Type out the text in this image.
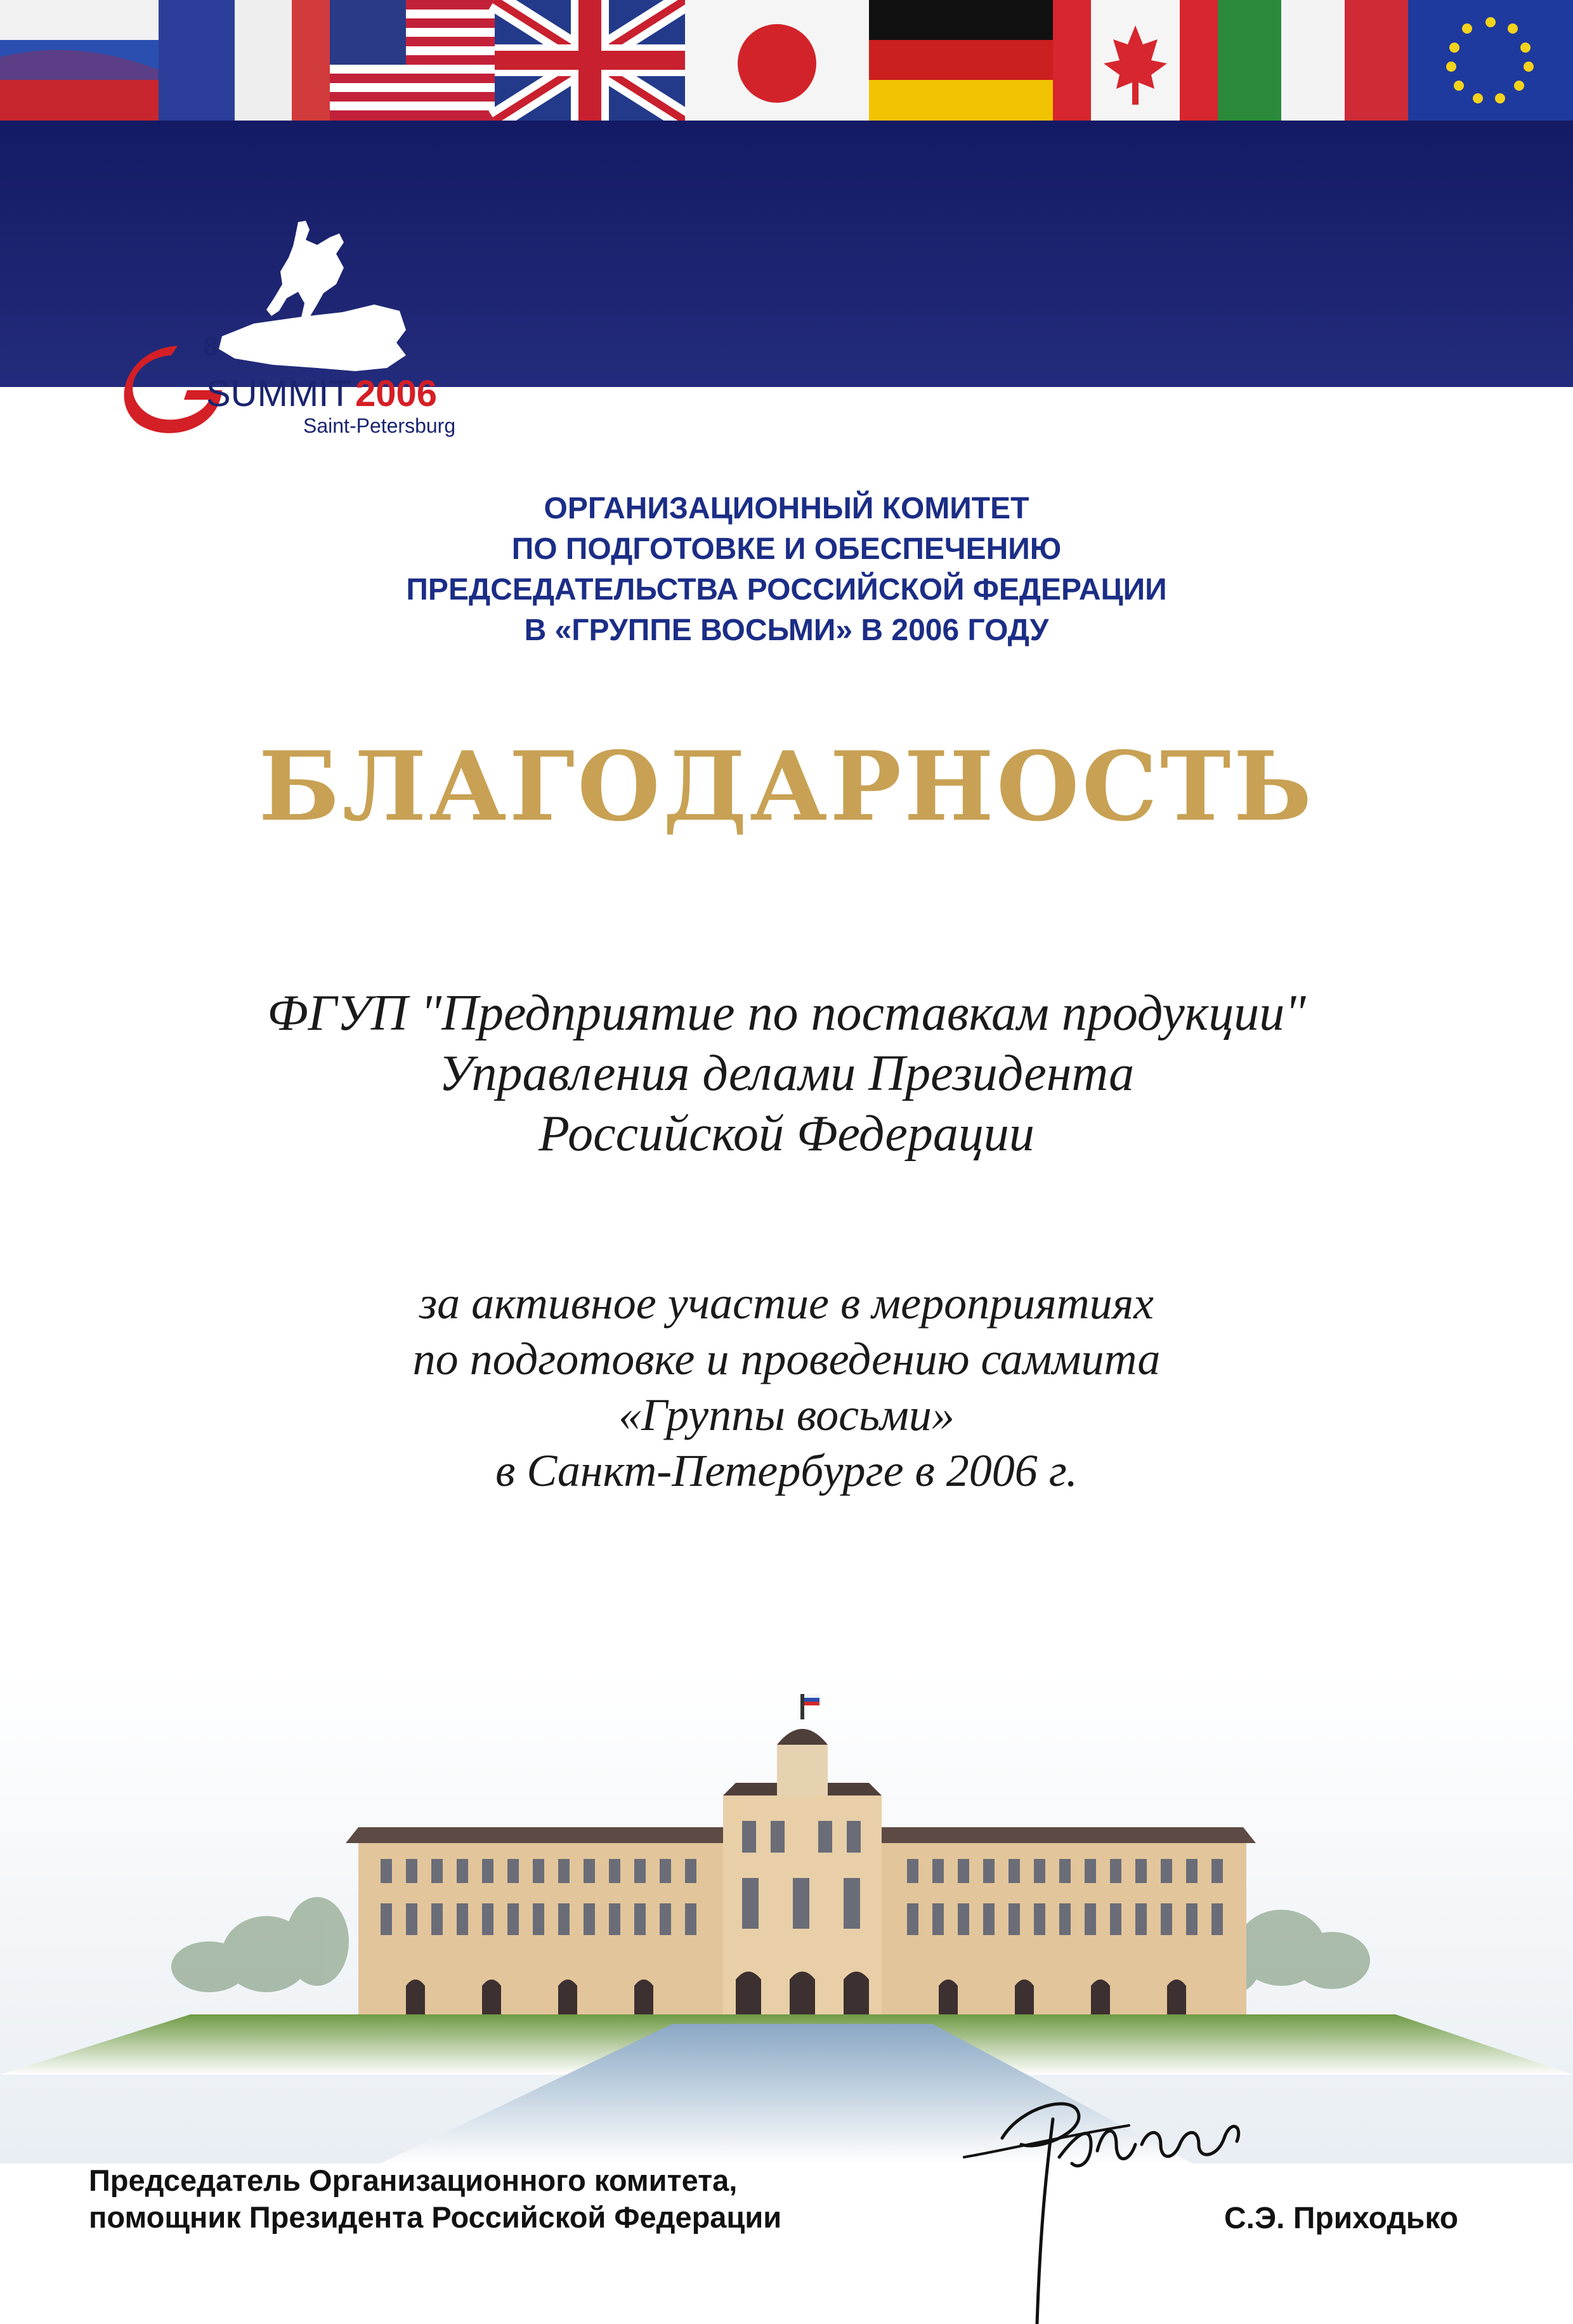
8
SUMMIT 2006
Saint-Petersburg
ОРГАНИЗАЦИОННЫЙ КОМИТЕТ
ПО ПОДГОТОВКЕ И ОБЕСПЕЧЕНИЮ
ПРЕДСЕДАТЕЛЬСТВА РОССИЙСКОЙ ФЕДЕРАЦИИ
В «ГРУППЕ ВОСЬМИ» В 2006 ГОДУ
БЛАГОДАРНОСТЬ
ФГУП "Предприятие по поставкам продукции"
Управления делами Президента
Российской Федерации
за активное участие в мероприятиях
по подготовке и проведению саммита
«Группы восьми»
в Санкт-Петербурге в 2006 г.
Председатель Организационного комитета,
помощник Президента Российской Федерации	С.Э. Приходько
